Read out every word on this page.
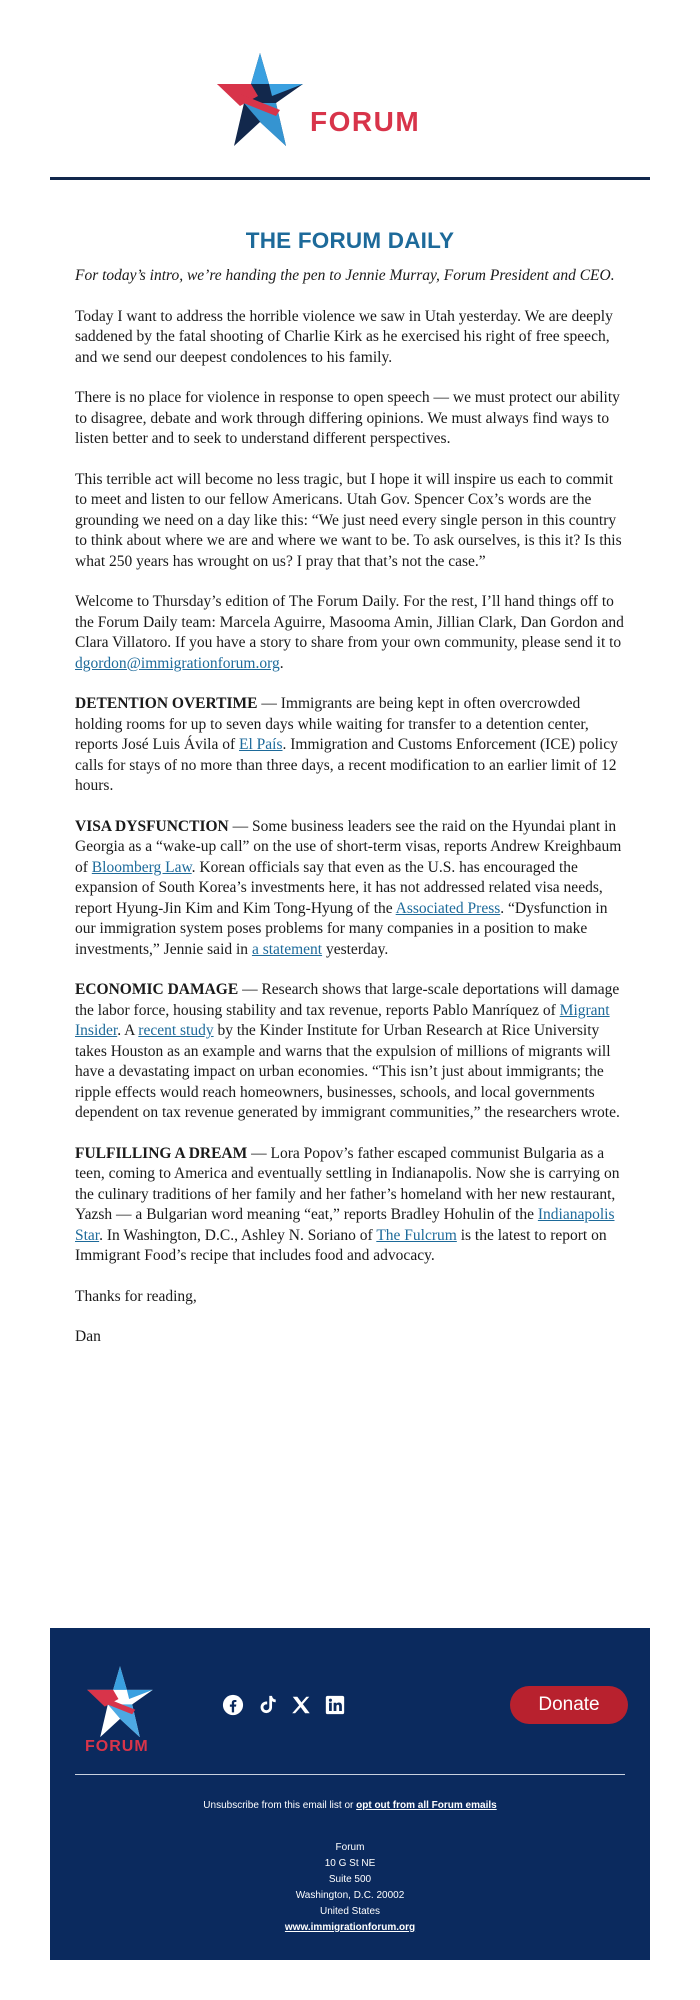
FORUM
THE FORUM DAILY

For today’s intro, we’re handing the pen to Jennie Murray, Forum President and CEO.

Today I want to address the horrible violence we saw in Utah yesterday. We are deeply saddened by the fatal shooting of Charlie Kirk as he exercised his right of free speech, and we send our deepest condolences to his family.

There is no place for violence in response to open speech — we must protect our ability to disagree, debate and work through differing opinions. We must always find ways to listen better and to seek to understand different perspectives.

This terrible act will become no less tragic, but I hope it will inspire us each to commit to meet and listen to our fellow Americans. Utah Gov. Spencer Cox’s words are the grounding we need on a day like this: “We just need every single person in this country to think about where we are and where we want to be. To ask ourselves, is this it? Is this what 250 years has wrought on us? I pray that that’s not the case.”

Welcome to Thursday’s edition of The Forum Daily. For the rest, I’ll hand things off to the Forum Daily team: Marcela Aguirre, Masooma Amin, Jillian Clark, Dan Gordon and Clara Villatoro. If you have a story to share from your own community, please send it to dgordon@immigrationforum.org.

DETENTION OVERTIME — Immigrants are being kept in often overcrowded holding rooms for up to seven days while waiting for transfer to a detention center, reports José Luis Ávila of El País. Immigration and Customs Enforcement (ICE) policy calls for stays of no more than three days, a recent modification to an earlier limit of 12 hours.

VISA DYSFUNCTION — Some business leaders see the raid on the Hyundai plant in Georgia as a “wake-up call” on the use of short-term visas, reports Andrew Kreighbaum of Bloomberg Law. Korean officials say that even as the U.S. has encouraged the expansion of South Korea’s investments here, it has not addressed related visa needs, report Hyung-Jin Kim and Kim Tong-Hyung of the Associated Press. “Dysfunction in our immigration system poses problems for many companies in a position to make investments,” Jennie said in a statement yesterday.

ECONOMIC DAMAGE — Research shows that large-scale deportations will damage the labor force, housing stability and tax revenue, reports Pablo Manríquez of Migrant Insider. A recent study by the Kinder Institute for Urban Research at Rice University takes Houston as an example and warns that the expulsion of millions of migrants will have a devastating impact on urban economies. “This isn’t just about immigrants; the ripple effects would reach homeowners, businesses, schools, and local governments dependent on tax revenue generated by immigrant communities,” the researchers wrote.

FULFILLING A DREAM — Lora Popov’s father escaped communist Bulgaria as a teen, coming to America and eventually settling in Indianapolis. Now she is carrying on the culinary traditions of her family and her father’s homeland with her new restaurant, Yazsh — a Bulgarian word meaning “eat,” reports Bradley Hohulin of the Indianapolis Star. In Washington, D.C., Ashley N. Soriano of The Fulcrum is the latest to report on Immigrant Food’s recipe that includes food and advocacy.

Thanks for reading,

Dan

FORUM
Donate
Unsubscribe from this email list or opt out from all Forum emails
Forum
10 G St NE
Suite 500
Washington, D.C. 20002
United States
www.immigrationforum.org
